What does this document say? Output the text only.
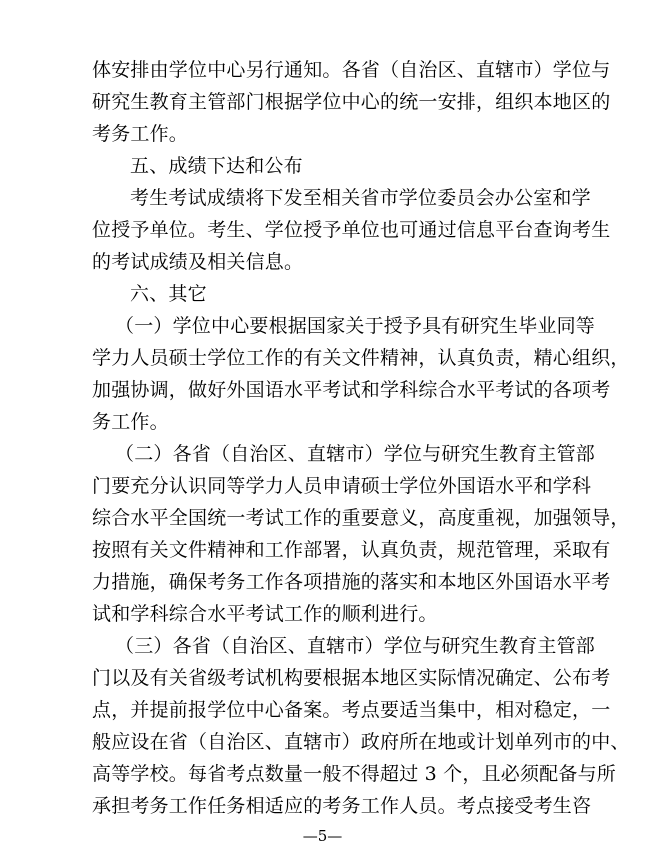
体安排由学位中心另行通知。各省（自治区、直辖市）学位与
研究生教育主管部门根据学位中心的统一安排，组织本地区的
考务工作。
五、成绩下达和公布
考生考试成绩将下发至相关省市学位委员会办公室和学
位授予单位。考生、学位授予单位也可通过信息平台查询考生
的考试成绩及相关信息。
六、其它
（一）学位中心要根据国家关于授予具有研究生毕业同等
学力人员硕士学位工作的有关文件精神，认真负责，精心组织，
加强协调，做好外国语水平考试和学科综合水平考试的各项考
务工作。
（二）各省（自治区、直辖市）学位与研究生教育主管部
门要充分认识同等学力人员申请硕士学位外国语水平和学科
综合水平全国统一考试工作的重要意义，高度重视，加强领导，
按照有关文件精神和工作部署，认真负责，规范管理，采取有
力措施，确保考务工作各项措施的落实和本地区外国语水平考
试和学科综合水平考试工作的顺利进行。
（三）各省（自治区、直辖市）学位与研究生教育主管部
门以及有关省级考试机构要根据本地区实际情况确定、公布考
点，并提前报学位中心备案。考点要适当集中，相对稳定，一
般应设在省（自治区、直辖市）政府所在地或计划单列市的中、
高等学校。每省考点数量一般不得超过 3 个，且必须配备与所
承担考务工作任务相适应的考务工作人员。考点接受考生咨
—5—
